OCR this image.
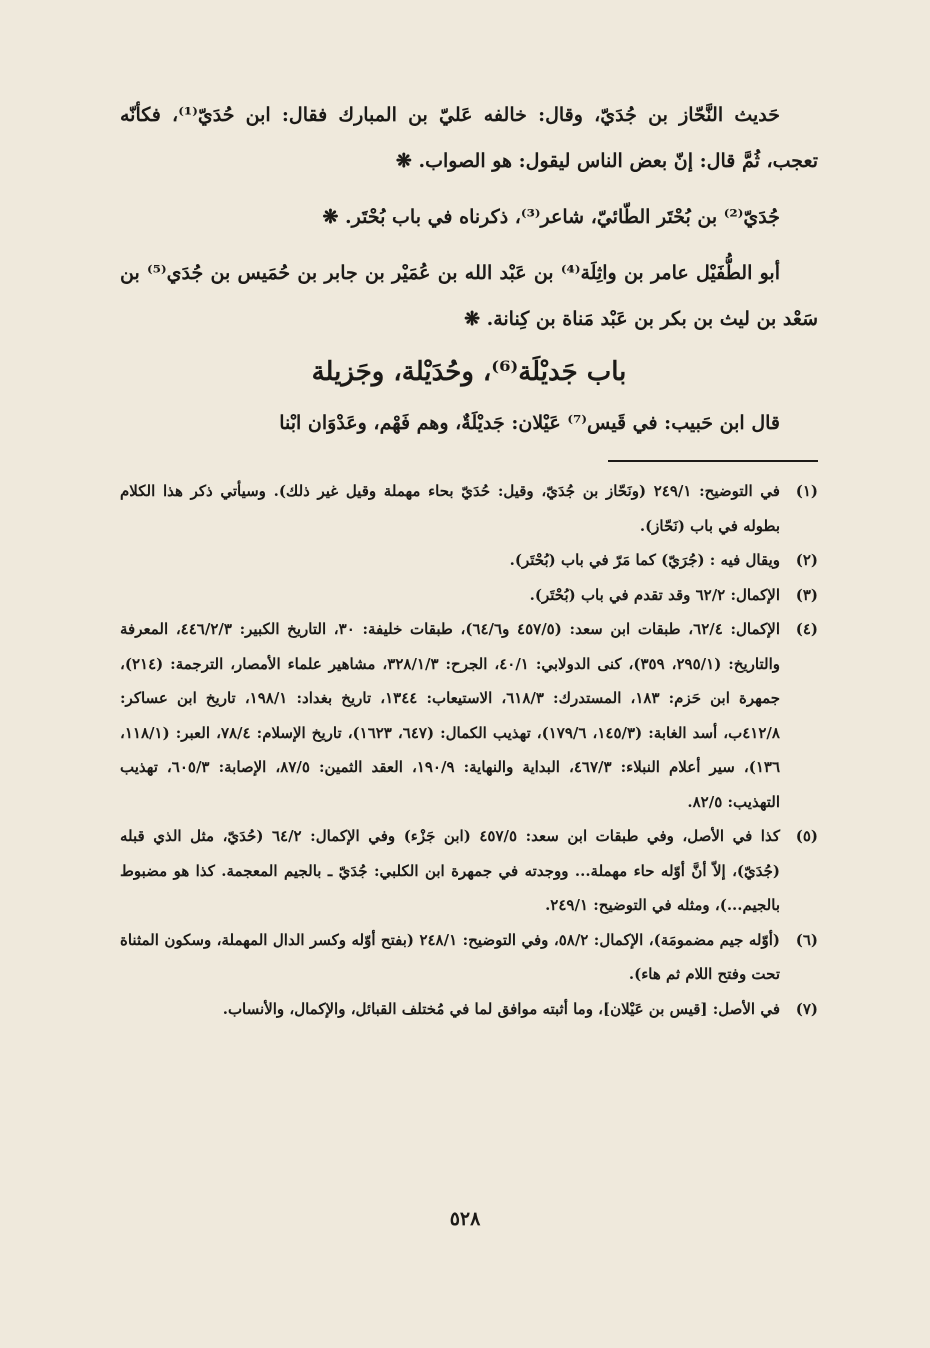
حَديث النَّحّاز بن جُدَيّ، وقال: خالفه عَليّ بن المبارك فقال: ابن حُدَيّ⁽¹⁾، فكأنّه تعجب، ثُمَّ قال: إنّ بعض الناس ليقول: هو الصواب. ❋

جُدَيّ⁽²⁾ بن بُحْتَر الطّائيّ، شاعر⁽³⁾، ذكرناه في باب بُحْتَر. ❋

أبو الطُّفَيْل عامر بن واثِلَة⁽⁴⁾ بن عَبْد الله بن عُمَيْر بن جابر بن حُمَيس بن جُدَي⁽⁵⁾ بن سَعْد بن ليث بن بكر بن عَبْد مَناة بن كِنانة. ❋

باب جَديْلَة⁽⁶⁾، وحُدَيْلة، وجَزيلة

قال ابن حَبيب: في قَيس⁽⁷⁾ عَيْلان: جَديْلَةٌ، وهم فَهْم، وعَدْوَان ابْنا

(١)
في التوضيح: ٢٤٩/١ (ونَحّاز بن جُدَيّ، وقيل: حُدَيّ بحاء مهملة وقيل غير ذلك). وسيأتي ذكر هذا الكلام بطوله في باب (نَحّاز).
(٢)
ويقال فيه : (جُرَيّ) كما مَرّ في باب (بُحْتَر).
(٣)
الإكمال: ٦٢/٢ وقد تقدم في باب (بُحْتَر).
(٤)
الإكمال: ٦٢/٤، طبقات ابن سعد: (٤٥٧/٥ و٦٤/٦)، طبقات خليفة: ٣٠، التاريخ الكبير: ٤٤٦/٢/٣، المعرفة والتاريخ: (٢٩٥/١، ٣٥٩)، كنى الدولابي: ٤٠/١، الجرح: ٣٢٨/١/٣، مشاهير علماء الأمصار، الترجمة: (٢١٤)، جمهرة ابن حَزم: ١٨٣، المستدرك: ٦١٨/٣، الاستيعاب: ١٣٤٤، تاريخ بغداد: ١٩٨/١، تاريخ ابن عساكر: ٤١٢/٨ب، أسد الغابة: (١٤٥/٣، ١٧٩/٦)، تهذيب الكمال: (٦٤٧، ١٦٢٣)، تاريخ الإسلام: ٧٨/٤، العبر: (١١٨/١، ١٣٦)، سير أعلام النبلاء: ٤٦٧/٣، البداية والنهاية: ١٩٠/٩، العقد الثمين: ٨٧/٥، الإصابة: ٦٠٥/٣، تهذيب التهذيب: ٨٢/٥.
(٥)
كذا في الأصل، وفي طبقات ابن سعد: ٤٥٧/٥ (ابن جَزْء) وفي الإكمال: ٦٤/٢ (حُدَيّ، مثل الذي قبله (جُدَيّ)، إلاّ أنَّ أوّله حاء مهملة... ووجدته في جمهرة ابن الكلبي: جُدَيّ ـ بالجيم المعجمة. كذا هو مضبوط بالجيم...)، ومثله في التوضيح: ٢٤٩/١.
(٦)
(أوّله جيم مضمومَة)، الإكمال: ٥٨/٢، وفي التوضيح: ٢٤٨/١ (بفتح أوّله وكسر الدال المهملة، وسكون المثناة تحت وفتح اللام ثم هاء).
(٧)
في الأصل: [قيس بن عَيْلان]، وما أثبته موافق لما في مُختلف القبائل، والإكمال، والأنساب.
٥٢٨
